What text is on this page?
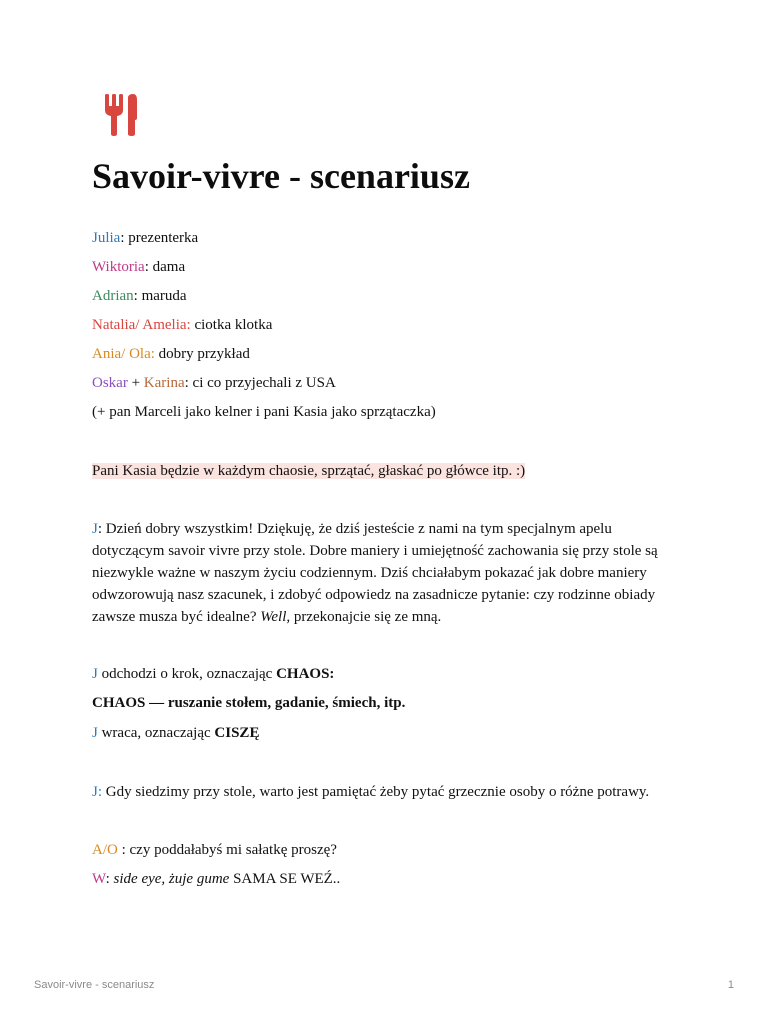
Savoir-vivre - scenariusz

Julia: prezenterka

Wiktoria: dama

Adrian: maruda

Natalia/ Amelia: ciotka klotka

Ania/ Ola: dobry przykład

Oskar + Karina: ci co przyjechali z USA

(+ pan Marceli jako kelner i pani Kasia jako sprzątaczka)

Pani Kasia będzie w każdym chaosie, sprzątać, głaskać po główce itp. :)

J: Dzień dobry wszystkim! Dziękuję, że dziś jesteście z nami na tym specjalnym apelu dotyczącym savoir vivre przy stole. Dobre maniery i umiejętność zachowania się przy stole są niezwykle ważne w naszym życiu codziennym. Dziś chciałabym pokazać jak dobre maniery odwzorowują nasz szacunek, i zdobyć odpowiedz na zasadnicze pytanie: czy rodzinne obiady zawsze musza być idealne? Well, przekonajcie się ze mną.

J odchodzi o krok, oznaczając CHAOS:

CHAOS — ruszanie stołem, gadanie, śmiech, itp.

J wraca, oznaczając CISZĘ

J: Gdy siedzimy przy stole, warto jest pamiętać żeby pytać grzecznie osoby o różne potrawy.

A/O : czy poddałabyś mi sałatkę proszę?

W: side eye, żuje gume SAMA SE WEŹ..

Savoir-vivre - scenariusz	1
